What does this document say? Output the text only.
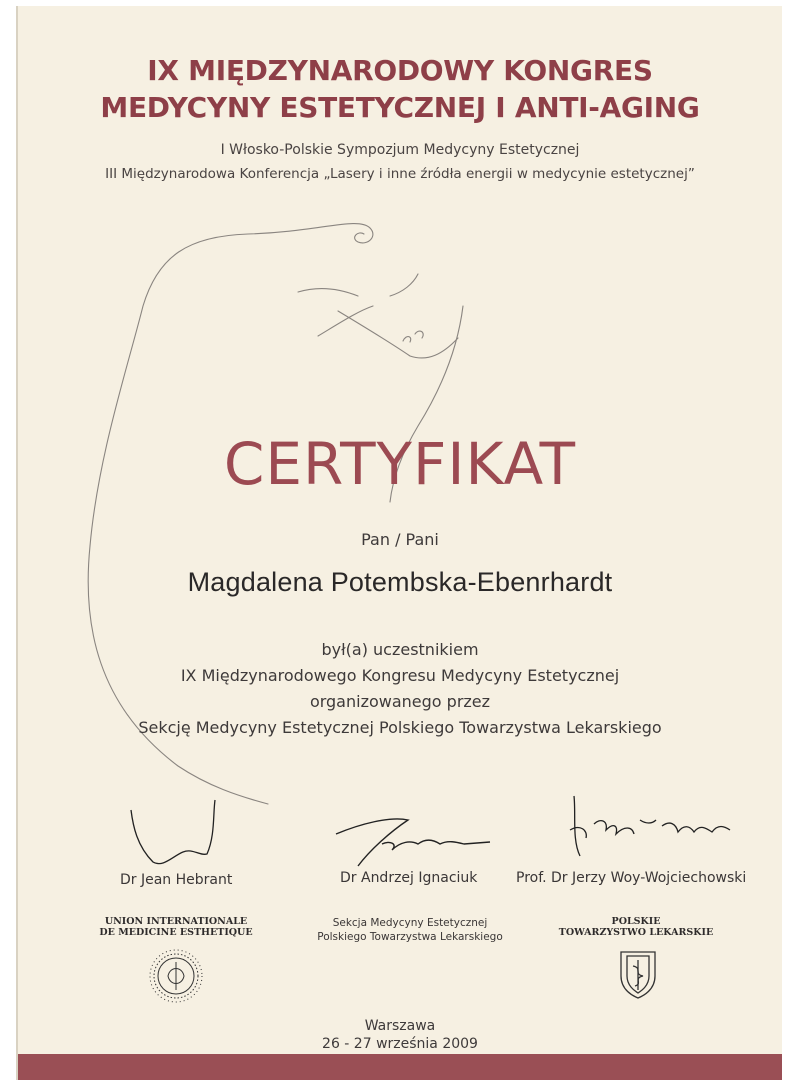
IX MIĘDZYNARODOWY KONGRES
MEDYCYNY ESTETYCZNEJ I ANTI-AGING
I Włosko-Polskie Sympozjum Medycyny Estetycznej
III Międzynarodowa Konferencja „Lasery i inne źródła energii w medycynie estetycznej”
CERTYFIKAT
Pan / Pani
Magdalena Potembska-Ebenrhardt
był(a) uczestnikiem
IX Międzynarodowego Kongresu Medycyny Estetycznej
organizowanego przez
Sekcję Medycyny Estetycznej Polskiego Towarzystwa Lekarskiego
Dr Jean Hebrant	Dr Andrzej Ignaciuk	Prof. Dr Jerzy Woy-Wojciechowski
UNION INTERNATIONALE
DE MEDICINE ESTHETIQUE
Sekcja Medycyny Estetycznej
Polskiego Towarzystwa Lekarskiego
POLSKIE
TOWARZYSTWO LEKARSKIE
Warszawa
26 - 27 września 2009
